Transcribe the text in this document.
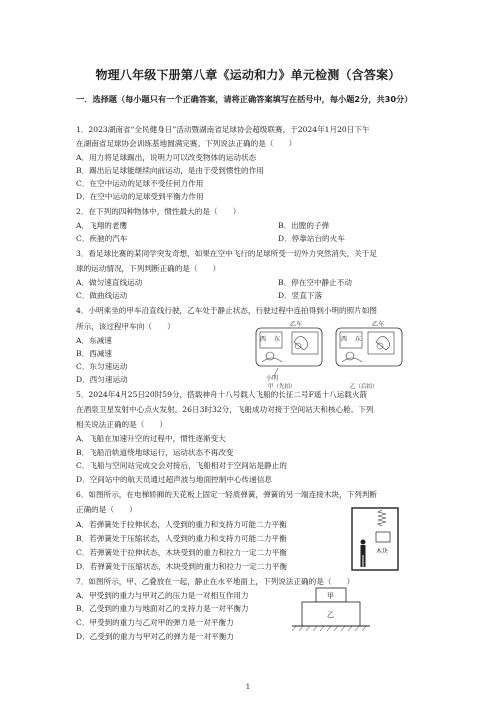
物理八年级下册第八章《运动和力》单元检测（含答案）
一．选择题（每小题只有一个正确答案，请将正确答案填写在括号中，每小题2分，共30分）
1．2023湖南省“全民健身日”活动暨湖南省足球协会超级联赛，于2024年1月20日下午
在湖南省足球协会训练基地圆满完赛。下列说法正确的是（　　）
A．用力将足球踢出，说明力可以改变物体的运动状态
B．踢出后足球能继续向前运动，是由于受到惯性的作用
C．在空中运动的足球不受任何力作用
D．在空中运动的足球受到平衡力作用
2．在下列的四种物体中，惯性最大的是（　　）
A．飞翔的老鹰	B．出膛的子弹
C．疾驰的汽车	D．停靠站台的火车
3．看足球比赛的某同学突发奇想，如果在空中飞行的足球所受一切外力突然消失，关于足
球的运动情况，下列判断正确的是（　　）
A．做匀速直线运动	B．停在空中静止不动
C．做曲线运动	D．竖直下落
4．小明乘坐的甲车沿直线行驶，乙车处于静止状态，行驶过程中连拍得到小明的照片如图
所示，该过程甲车向（　　）
A．东减速
B．西减速
C．东匀速运动
D．西匀速运动
乙车	乙车
西 东	西 东
小明
甲（先拍）	乙（后拍）
5．2024年4月25日20时59分，搭载神舟十八号载人飞船的长征二号F遥十八运载火箭
在酒泉卫星发射中心点火发射。26日3时32分，飞船成功对接于空间站天和核心舱。下列
相关说法正确的是（　　）
A．飞船在加速升空的过程中，惯性逐渐变大
B．飞船沿轨道绕地球运行，运动状态不再改变
C．飞船与空间站完成交会对接后，飞船相对于空间站是静止的
D．空间站中的航天员通过超声波与地面控制中心传递信息
6．如图所示，在电梯轿厢的天花板上固定一轻质弹簧，弹簧的另一端连接木块，下列判断
正确的是（　　）
A．若弹簧处于拉伸状态，人受到的重力和支持力可能二力平衡
B．若弹簧处于压缩状态，人受到的重力和支持力可能二力平衡
C．若弹簧处于拉伸状态，木块受到的重力和拉力一定二力平衡
D．若弹簧处于压缩状态，木块受到的重力和拉力一定二力平衡
木块
7．如图所示，甲、乙叠放在一起，静止在水平地面上，下列说法正确的是（　　）
A．甲受到的重力与甲对乙的压力是一对相互作用力
B．乙受到的重力与地面对乙的支持力是一对平衡力
C．甲受到的重力与乙对甲的弹力是一对平衡力
D．乙受到的重力与甲对乙的弹力是一对平衡力
甲
乙
1
